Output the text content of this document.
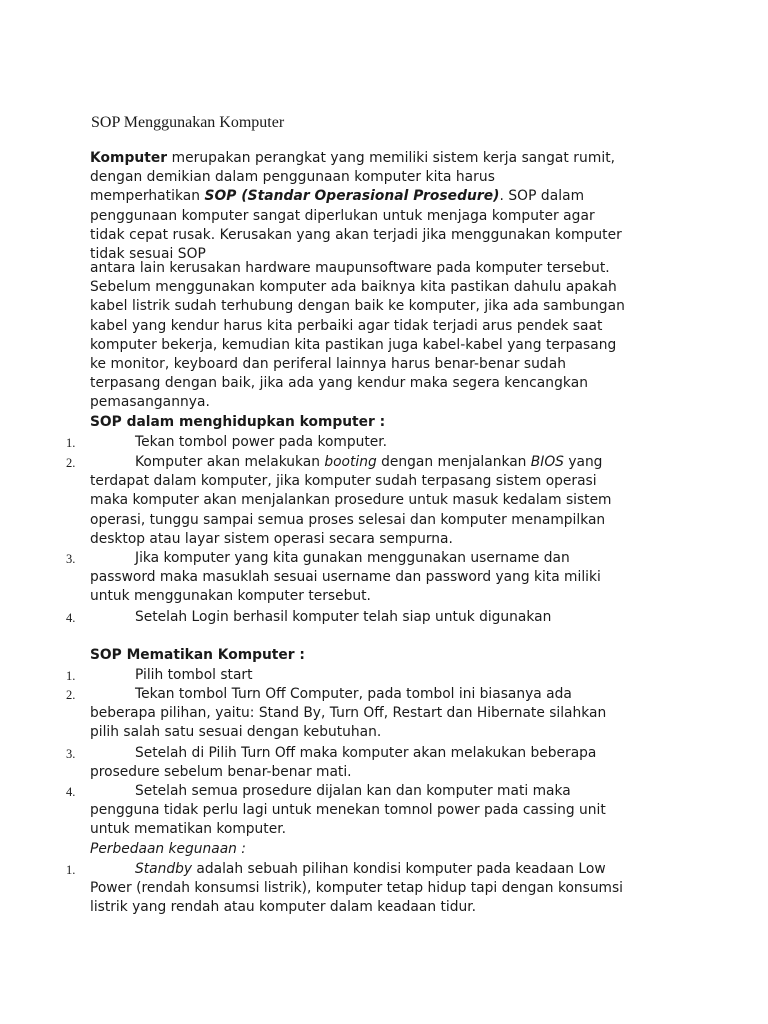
SOP Menggunakan Komputer
Komputer merupakan perangkat yang memiliki sistem kerja sangat rumit,
dengan demikian dalam penggunaan komputer kita harus
memperhatikan SOP (Standar Operasional Prosedure). SOP dalam
penggunaan komputer sangat diperlukan untuk menjaga komputer agar
tidak cepat rusak. Kerusakan yang akan terjadi jika menggunakan komputer
tidak sesuai SOP
antara lain kerusakan hardware maupunsoftware pada komputer tersebut.
Sebelum menggunakan komputer ada baiknya kita pastikan dahulu apakah
kabel listrik sudah terhubung dengan baik ke komputer, jika ada sambungan
kabel yang kendur harus kita perbaiki agar tidak terjadi arus pendek saat
komputer bekerja, kemudian kita pastikan juga kabel-kabel yang terpasang
ke monitor, keyboard dan periferal lainnya harus benar-benar sudah
terpasang dengan baik, jika ada yang kendur maka segera kencangkan
pemasangannya.
SOP dalam menghidupkan komputer :
1.	Tekan tombol power pada komputer.
2.	Komputer akan melakukan booting dengan menjalankan BIOS yang
terdapat dalam komputer, jika komputer sudah terpasang sistem operasi
maka komputer akan menjalankan prosedure untuk masuk kedalam sistem
operasi, tunggu sampai semua proses selesai dan komputer menampilkan
desktop atau layar sistem operasi secara sempurna.
3.	Jika komputer yang kita gunakan menggunakan username dan
password maka masuklah sesuai username dan password yang kita miliki
untuk menggunakan komputer tersebut.
4.	Setelah Login berhasil komputer telah siap untuk digunakan
SOP Mematikan Komputer :
1.	Pilih tombol start
2.	Tekan tombol Turn Off Computer, pada tombol ini biasanya ada
beberapa pilihan, yaitu: Stand By, Turn Off, Restart dan Hibernate silahkan
pilih salah satu sesuai dengan kebutuhan.
3.	Setelah di Pilih Turn Off maka komputer akan melakukan beberapa
prosedure sebelum benar-benar mati.
4.	Setelah semua prosedure dijalan kan dan komputer mati maka
pengguna tidak perlu lagi untuk menekan tomnol power pada cassing unit
untuk mematikan komputer.
Perbedaan kegunaan :
1.	Standby adalah sebuah pilihan kondisi komputer pada keadaan Low
Power (rendah konsumsi listrik), komputer tetap hidup tapi dengan konsumsi
listrik yang rendah atau komputer dalam keadaan tidur.
